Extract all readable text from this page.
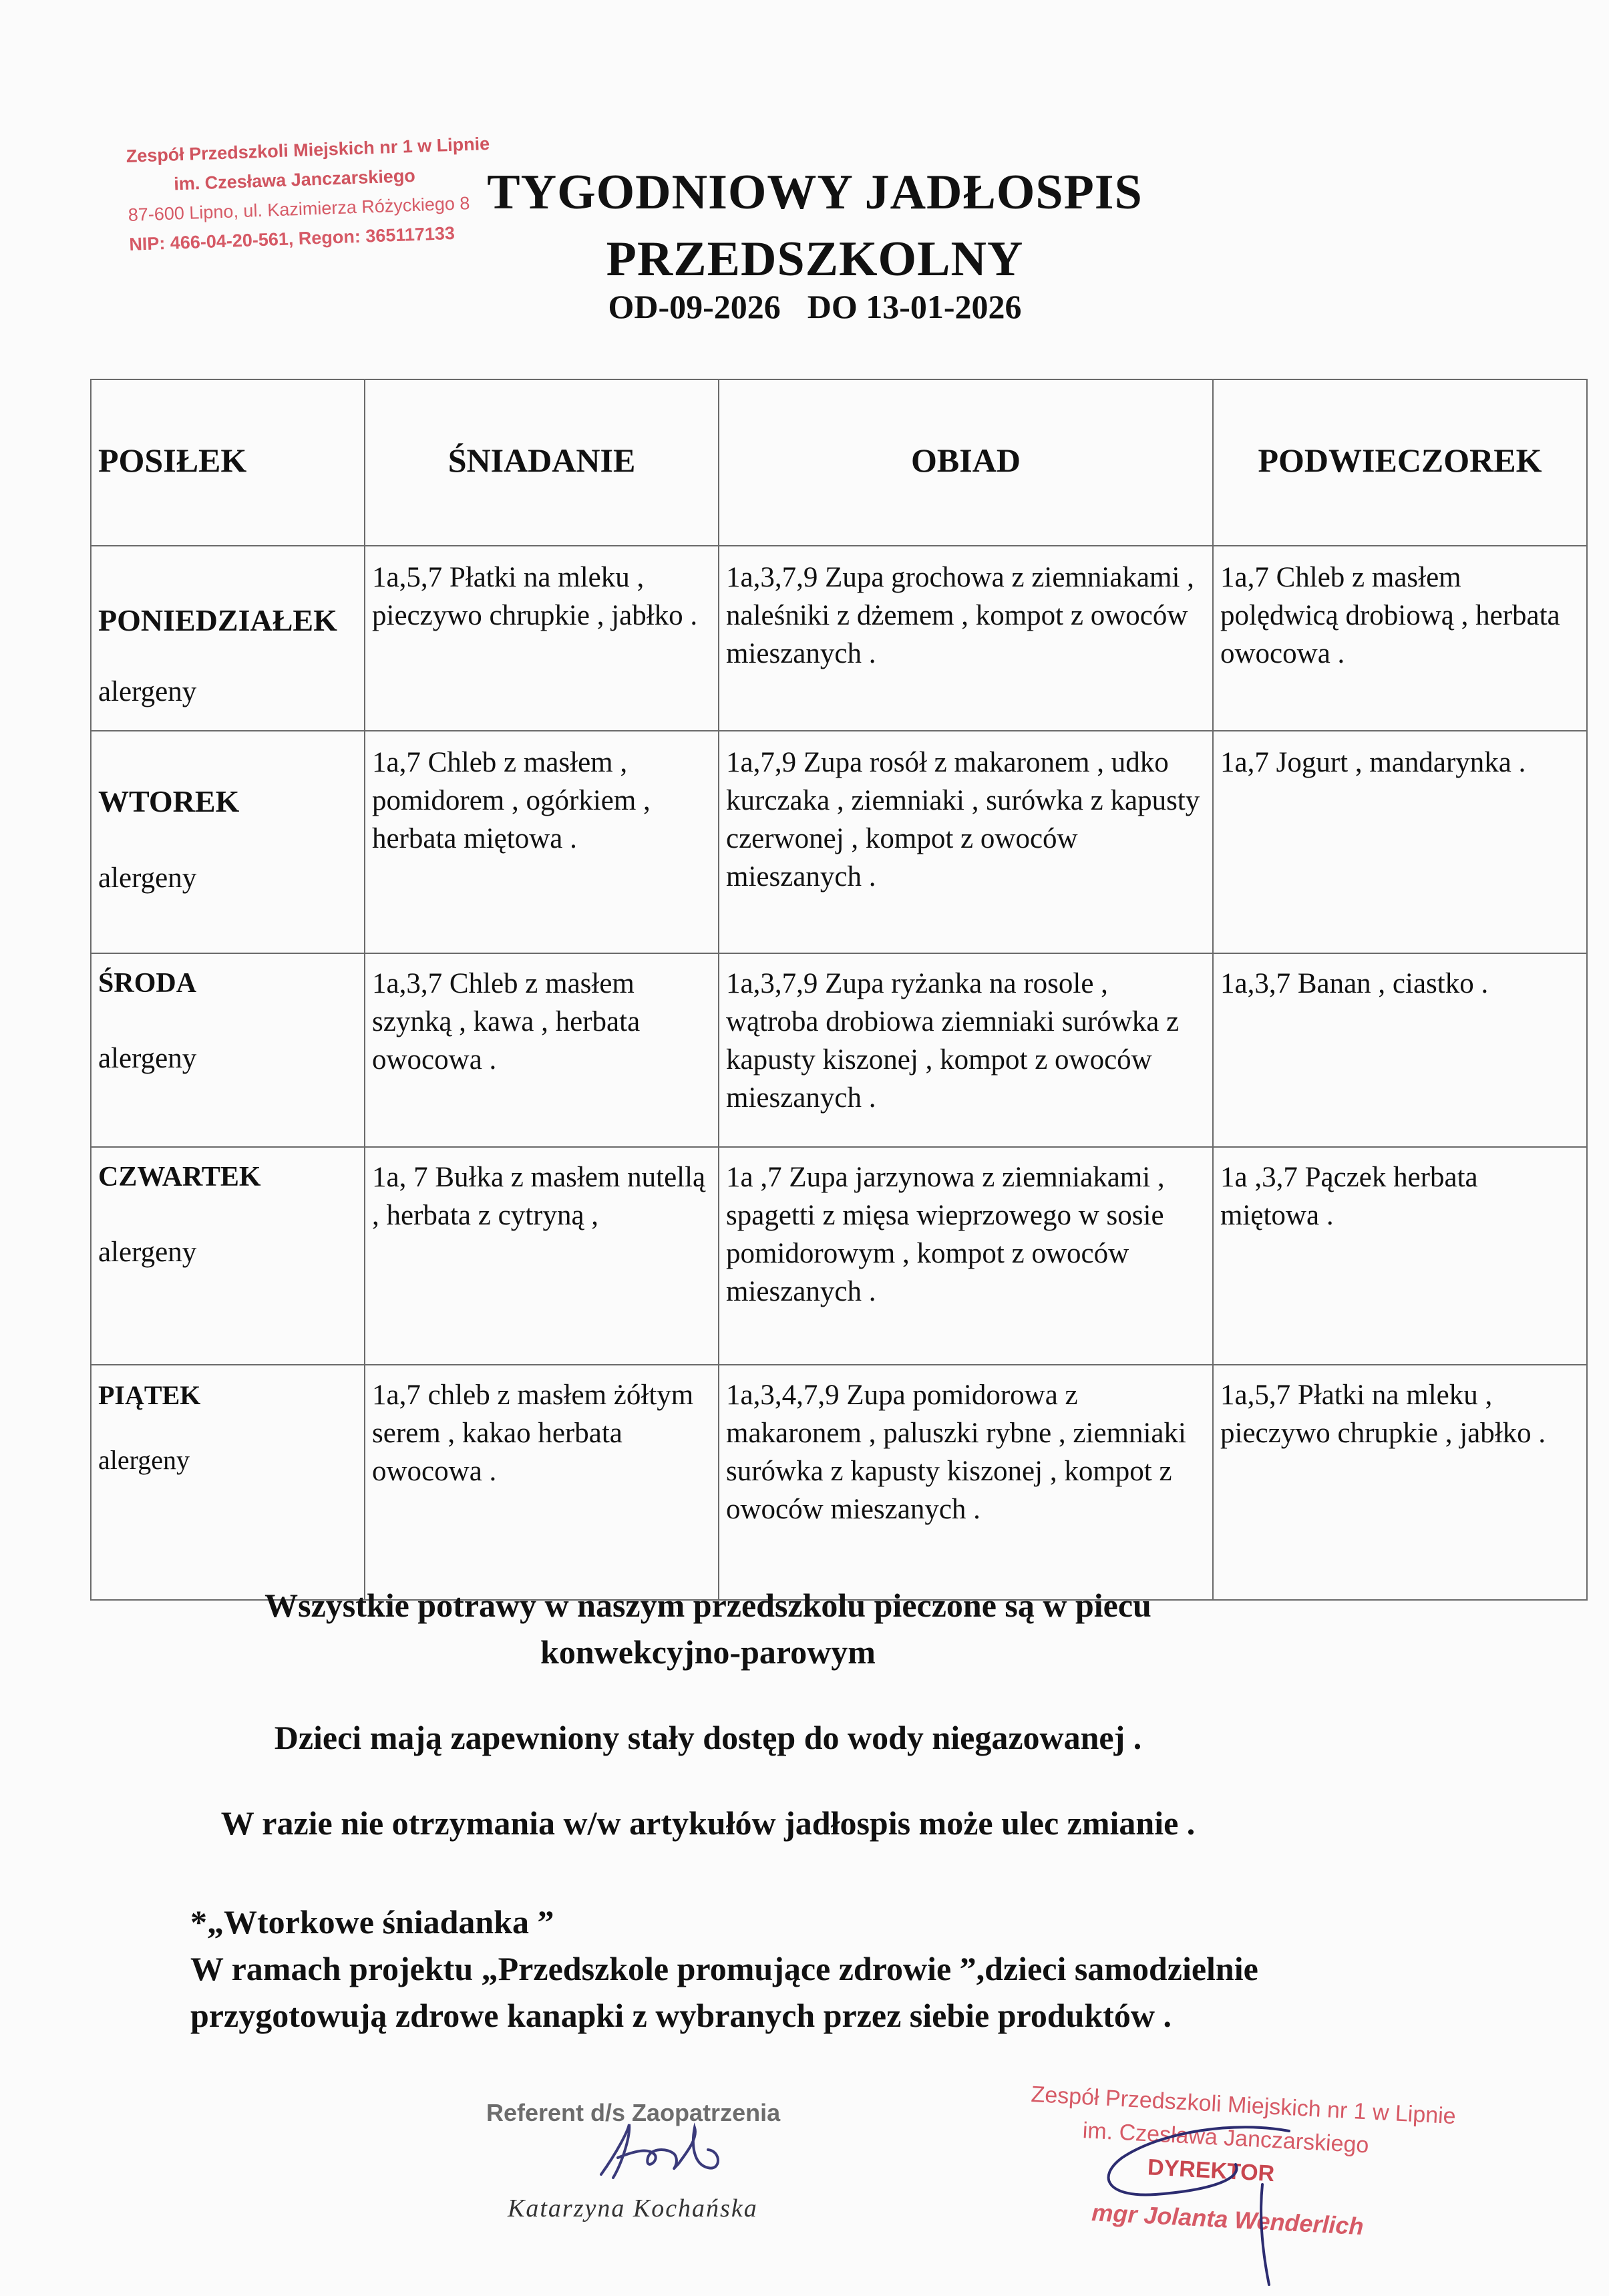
Zespół Przedszkoli Miejskich nr 1 w Lipnie
im. Czesława Janczarskiego
87-600 Lipno, ul. Kazimierza Różyckiego 8
NIP: 466-04-20-561, Regon: 365117133
TYGODNIOWY JADŁOSPIS
PRZEDSZKOLNY
OD-09-2026 DO 13-01-2026
POSIŁEK	ŚNIADANIE	OBIAD	PODWIECZOREK

PONIEDZIAŁEK
alergeny	1a,5,7 Płatki na mleku , pieczywo chrupkie , jabłko .	1a,3,7,9 Zupa grochowa z ziemniakami , naleśniki z dżemem , kompot z owoców mieszanych .	1a,7 Chleb z masłem polędwicą drobiową , herbata owocowa .

WTOREK
alergeny	1a,7 Chleb z masłem , pomidorem , ogórkiem , herbata miętowa .	1a,7,9 Zupa rosół z makaronem , udko kurczaka , ziemniaki , surówka z kapusty czerwonej , kompot z owoców mieszanych .	1a,7 Jogurt , mandarynka .

ŚRODA
alergeny	1a,3,7 Chleb z masłem szynką , kawa , herbata owocowa .	1a,3,7,9 Zupa ryżanka na rosole , wątroba drobiowa ziemniaki surówka z kapusty kiszonej , kompot z owoców mieszanych .	1a,3,7 Banan , ciastko .

CZWARTEK
alergeny	1a, 7 Bułka z masłem nutellą , herbata z cytryną ,	1a ,7 Zupa jarzynowa z ziemniakami , spagetti z mięsa wieprzowego w sosie pomidorowym , kompot z owoców mieszanych .	1a ,3,7 Pączek herbata miętowa .

PIĄTEK
alergeny	1a,7 chleb z masłem żółtym serem , kakao herbata owocowa .	1a,3,4,7,9 Zupa pomidorowa z makaronem , paluszki rybne , ziemniaki surówka z kapusty kiszonej , kompot z owoców mieszanych .	1a,5,7 Płatki na mleku , pieczywo chrupkie , jabłko .

Wszystkie potrawy w naszym przedszkolu pieczone są w piecu

konwekcyjno-parowym

Dzieci mają zapewniony stały dostęp do wody niegazowanej .

W razie nie otrzymania w/w artykułów jadłospis może ulec zmianie .

*„Wtorkowe śniadanka ”

W ramach projektu „Przedszkole promujące zdrowie ”,dzieci samodzielnie

przygotowują zdrowe kanapki z wybranych przez siebie produktów .

Referent d/s Zaopatrzenia
Katarzyna Kochańska
Zespół Przedszkoli Miejskich nr 1 w Lipnie
im. Czesława Janczarskiego
DYREKTOR
mgr Jolanta Wenderlich
